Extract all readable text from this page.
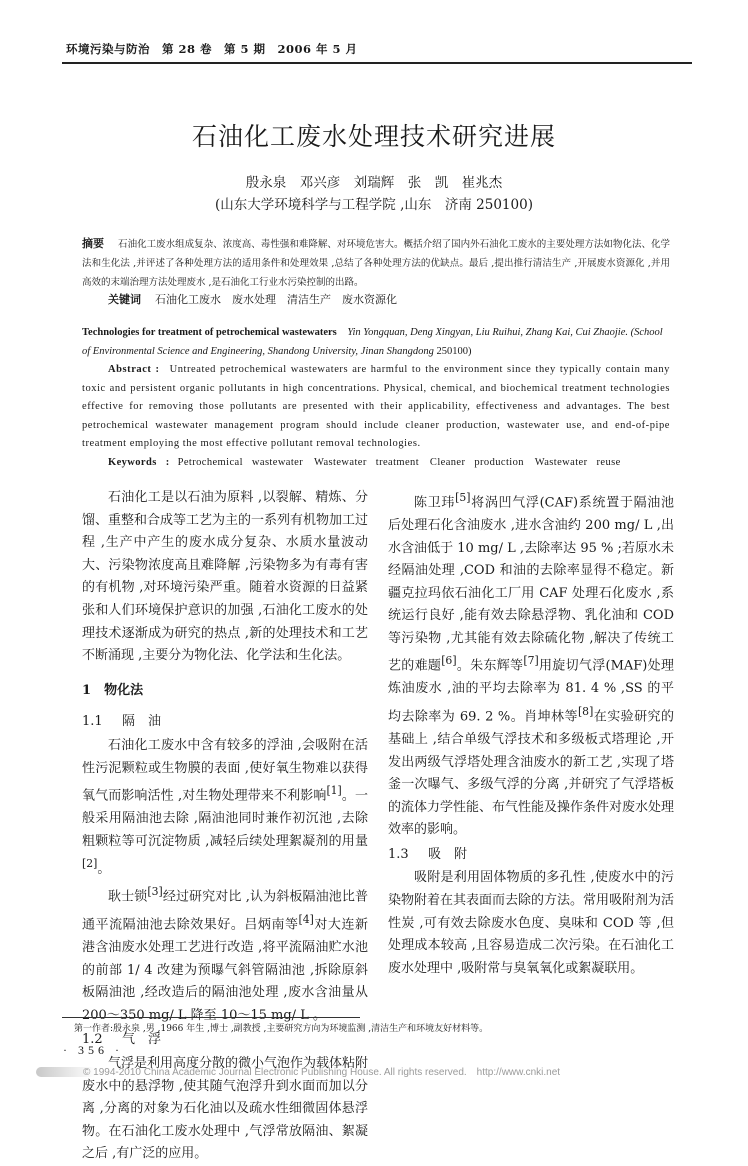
环境污染与防治　第 28 卷　第 5 期　2006 年 5 月
石油化工废水处理技术研究进展
殷永泉　邓兴彦　刘瑞辉　张　凯　崔兆杰
(山东大学环境科学与工程学院 ,山东　济南 250100)
摘要 石油化工废水组成复杂、浓度高、毒性强和难降解、对环境危害大。概括介绍了国内外石油化工废水的主要处理方法如物化法、化学法和生化法 ,并评述了各种处理方法的适用条件和处理效果 ,总结了各种处理方法的优缺点。最后 ,提出推行清洁生产 ,开展废水资源化 ,并用高效的末端治理方法处理废水 ,是石油化工行业水污染控制的出路。
关键词 石油化工废水　废水处理　清洁生产　废水资源化
Technologies for treatment of petrochemical wastewaters Yin Yongquan, Deng Xingyan, Liu Ruihui, Zhang Kai, Cui Zhaojie. (School of Environmental Science and Engineering, Shandong University, Jinan Shangdong 250100)
Abstract : Untreated petrochemical wastewaters are harmful to the environment since they typically contain many toxic and persistent organic pollutants in high concentrations. Physical, chemical, and biochemical treatment technologies effective for removing those pollutants are presented with their applicability, effectiveness and advantages. The best petrochemical wastewater management program should include cleaner production, wastewater use, and end-of-pipe treatment employing the most effective pollutant removal technologies.
Keywords : Petrochemical wastewater　Wastewater treatment　Cleaner production　Wastewater reuse

石油化工是以石油为原料 ,以裂解、精炼、分馏、重整和合成等工艺为主的一系列有机物加工过程 ,生产中产生的废水成分复杂、水质水量波动大、污染物浓度高且难降解 ,污染物多为有毒有害的有机物 ,对环境污染严重。随着水资源的日益紧张和人们环境保护意识的加强 ,石油化工废水的处理技术逐渐成为研究的热点 ,新的处理技术和工艺不断涌现 ,主要分为物化法、化学法和生化法。

1　 物化法

1.1 隔　油

石油化工废水中含有较多的浮油 ,会吸附在活性污泥颗粒或生物膜的表面 ,使好氧生物难以获得氧气而影响活性 ,对生物处理带来不利影响[1]。一般采用隔油池去除 ,隔油池同时兼作初沉池 ,去除粗颗粒等可沉淀物质 ,减轻后续处理絮凝剂的用量[2]。

耿士锁[3]经过研究对比 ,认为斜板隔油池比普通平流隔油池去除效果好。吕炳南等[4]对大连新港含油废水处理工艺进行改造 ,将平流隔油贮水池的前部 1/ 4 改建为预曝气斜管隔油池 ,拆除原斜板隔油池 ,经改造后的隔油池处理 ,废水含油量从 200～350 mg/ L 降至 10～15 mg/ L 。

1.2 气　浮

气浮是利用高度分散的微小气泡作为载体粘附废水中的悬浮物 ,使其随气泡浮升到水面而加以分离 ,分离的对象为石化油以及疏水性细微固体悬浮物。在石油化工废水处理中 ,气浮常放隔油、絮凝之后 ,有广泛的应用。

陈卫玮[5]将涡凹气浮(CAF)系统置于隔油池后处理石化含油废水 ,进水含油约 200 mg/ L ,出水含油低于 10 mg/ L ,去除率达 95 % ;若原水未经隔油处理 ,COD 和油的去除率显得不稳定。新疆克拉玛依石油化工厂用 CAF 处理石化废水 ,系统运行良好 ,能有效去除悬浮物、乳化油和 COD 等污染物 ,尤其能有效去除硫化物 ,解决了传统工艺的难题[6]。朱东辉等[7]用旋切气浮(MAF)处理炼油废水 ,油的平均去除率为 81. 4 % ,SS 的平均去除率为 69. 2 %。肖坤林等[8]在实验研究的基础上 ,结合单级气浮技术和多级板式塔理论 ,开发出两级气浮塔处理含油废水的新工艺 ,实现了塔釜一次曝气、多级气浮的分离 ,并研究了气浮塔板的流体力学性能、布气性能及操作条件对废水处理效率的影响。

1.3 吸　附

吸附是利用固体物质的多孔性 ,使废水中的污染物附着在其表面而去除的方法。常用吸附剂为活性炭 ,可有效去除废水色度、臭味和 COD 等 ,但处理成本较高 ,且容易造成二次污染。在石油化工废水处理中 ,吸附常与臭氧氧化或絮凝联用。

第一作者:殷永泉 ,男 ,1966 年生 ,博士 ,副教授 ,主要研究方向为环境监测 ,清洁生产和环境友好材料等。
· 356 ·
© 1994-2010 China Academic Journal Electronic Publishing House. All rights reserved.　http://www.cnki.net
